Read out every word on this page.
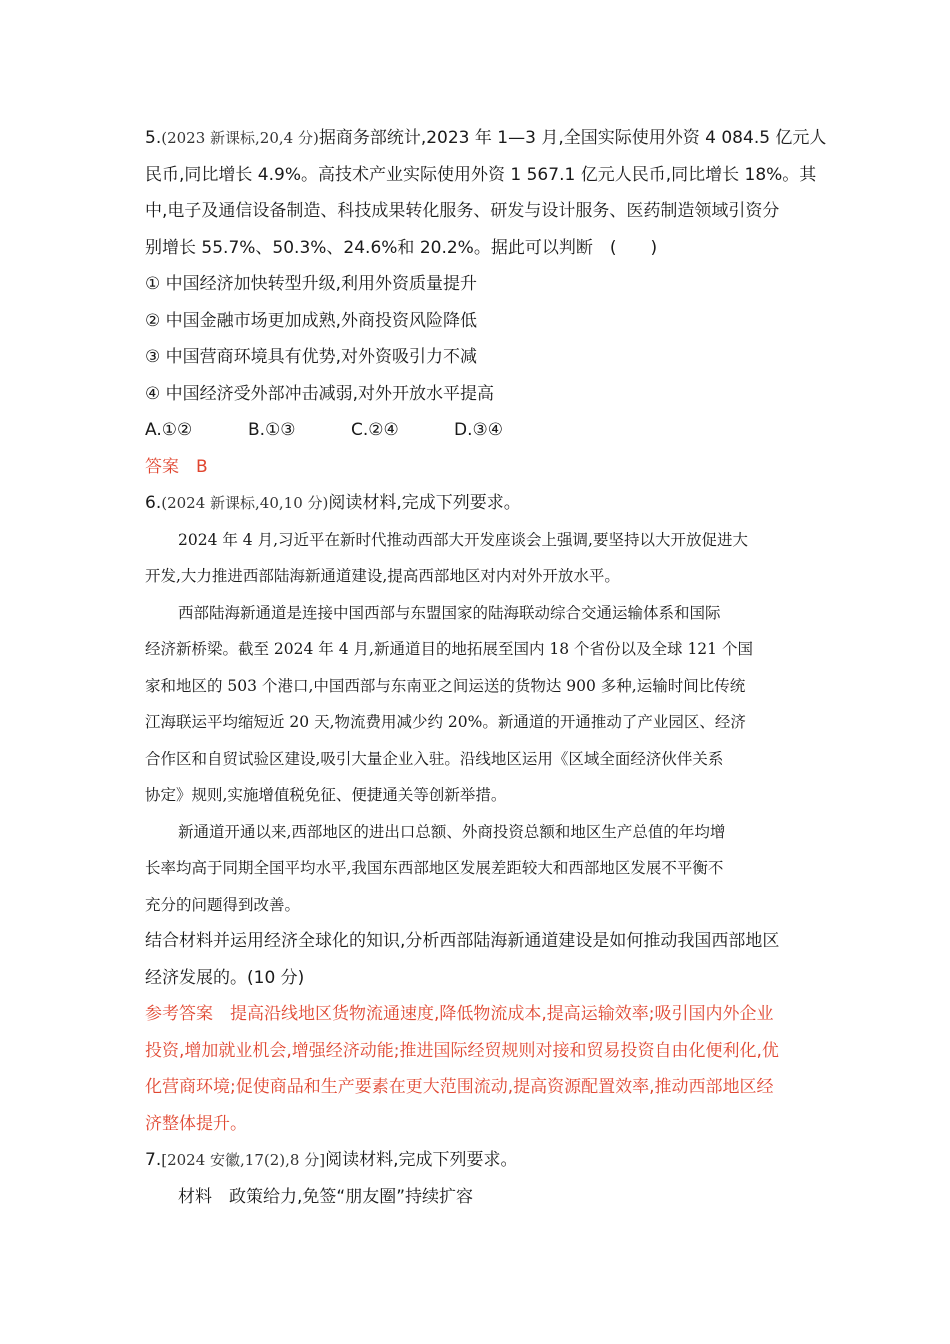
5.(2023 新课标,20,4 分)据商务部统计,2023 年 1—3 月,全国实际使用外资 4 084.5 亿元人
民币,同比增长 4.9%。高技术产业实际使用外资 1 567.1 亿元人民币,同比增长 18%。其
中,电子及通信设备制造、科技成果转化服务、研发与设计服务、医药制造领域引资分
别增长 55.7%、50.3%、24.6%和 20.2%。据此可以判断　(　　)
① 中国经济加快转型升级,利用外资质量提升
② 中国金融市场更加成熟,外商投资风险降低
③ 中国营商环境具有优势,对外资吸引力不减
④ 中国经济受外部冲击减弱,对外开放水平提高
A.①②	B.①③	C.②④	D.③④
答案　B
6.(2024 新课标,40,10 分)阅读材料,完成下列要求。
2024 年 4 月,习近平在新时代推动西部大开发座谈会上强调,要坚持以大开放促进大
开发,大力推进西部陆海新通道建设,提高西部地区对内对外开放水平。
西部陆海新通道是连接中国西部与东盟国家的陆海联动综合交通运输体系和国际
经济新桥梁。截至 2024 年 4 月,新通道目的地拓展至国内 18 个省份以及全球 121 个国
家和地区的 503 个港口,中国西部与东南亚之间运送的货物达 900 多种,运输时间比传统
江海联运平均缩短近 20 天,物流费用减少约 20%。新通道的开通推动了产业园区、经济
合作区和自贸试验区建设,吸引大量企业入驻。沿线地区运用《区域全面经济伙伴关系
协定》规则,实施增值税免征、便捷通关等创新举措。
新通道开通以来,西部地区的进出口总额、外商投资总额和地区生产总值的年均增
长率均高于同期全国平均水平,我国东西部地区发展差距较大和西部地区发展不平衡不
充分的问题得到改善。
结合材料并运用经济全球化的知识,分析西部陆海新通道建设是如何推动我国西部地区
经济发展的。(10 分)
参考答案　提高沿线地区货物流通速度,降低物流成本,提高运输效率;吸引国内外企业
投资,增加就业机会,增强经济动能;推进国际经贸规则对接和贸易投资自由化便利化,优
化营商环境;促使商品和生产要素在更大范围流动,提高资源配置效率,推动西部地区经
济整体提升。
7.[2024 安徽,17(2),8 分]阅读材料,完成下列要求。
材料　政策给力,免签“朋友圈”持续扩容
